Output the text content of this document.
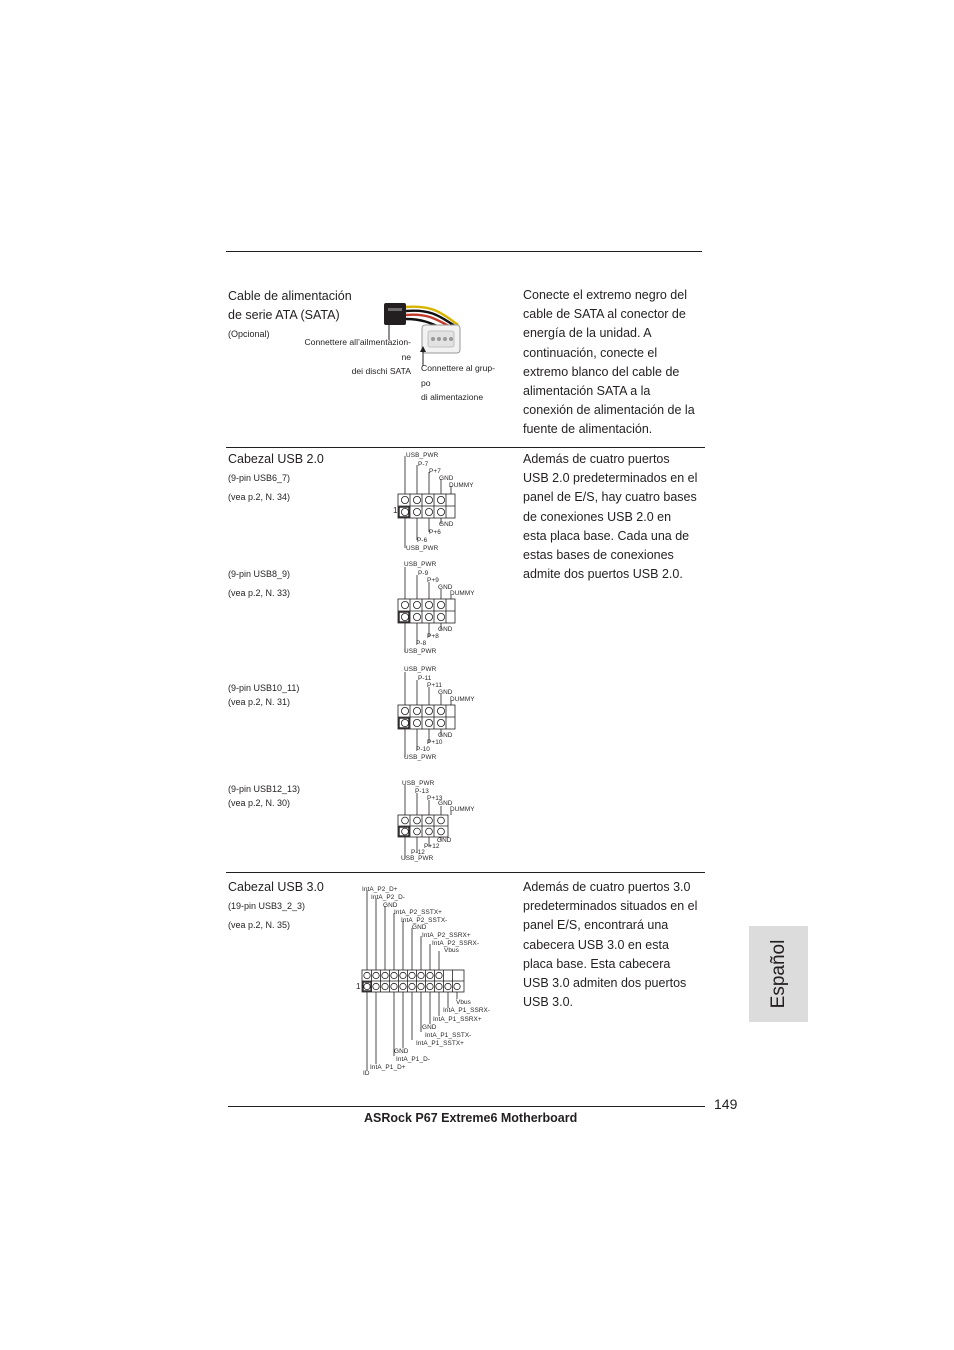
Cable de alimentación
de serie ATA (SATA)
(Opcional)
Connettere all’ailmentazion-
ne
dei dischi SATA Connettere al grup-
po
di alimentazione

Conecte el extremo negro del

cable de SATA al conector de

energía de la unidad. A

continuación, conecte el

extremo blanco del cable de

alimentación SATA a la

conexión de alimentación de la

fuente de alimentación.

Cabezal USB 2.0	Además de cuatro puertos

USB 2.0 predeterminados en el

panel de E/S, hay cuatro bases

de conexiones USB 2.0 en

esta placa base. Cada una de

estas bases de conexiones

admite dos puertos USB 2.0.

(9-pin USB6_7)
(vea p.2, N. 34)
1
USB_PWR
P-7
P+7
GND
DUMMY
GND
P+6
P-6
USB_PWR
(9-pin USB8_9)
(vea p.2, N. 33)
USB_PWR
P-9
P+9
GND
DUMMY
GND
P+8
P-8
USB_PWR
(9-pin USB10_11)
(vea p.2, N. 31)
USB_PWR
P-11
P+11
GND
DUMMY
GND
P+10
P-10
USB_PWR
(9-pin USB12_13)
(vea p.2, N. 30)
USB_PWR
P-13
P+13
GND
DUMMY
GND
P+12
P-12
USB_PWR
Cabezal USB 3.0
(19-pin USB3_2_3)
(vea p.2, N. 35)

Además de cuatro puertos 3.0

predeterminados situados en el

panel E/S, encontrará una

cabecera USB 3.0 en esta

placa base. Esta cabecera

USB 3.0 admiten dos puertos

USB 3.0.

1
IntA_P2_D+
IntA_P2_D-
GND
IntA_P2_SSTX+
IntA_P2_SSTX-
GND
IntA_P2_SSRX+
IntA_P2_SSRX-
Vbus
Vbus
IntA_P1_SSRX-
IntA_P1_SSRX+
GND
IntA_P1_SSTX-
IntA_P1_SSTX+
GND
IntA_P1_D-
IntA_P1_D+
ID
Español
149
ASRock P67 Extreme6 Motherboard
